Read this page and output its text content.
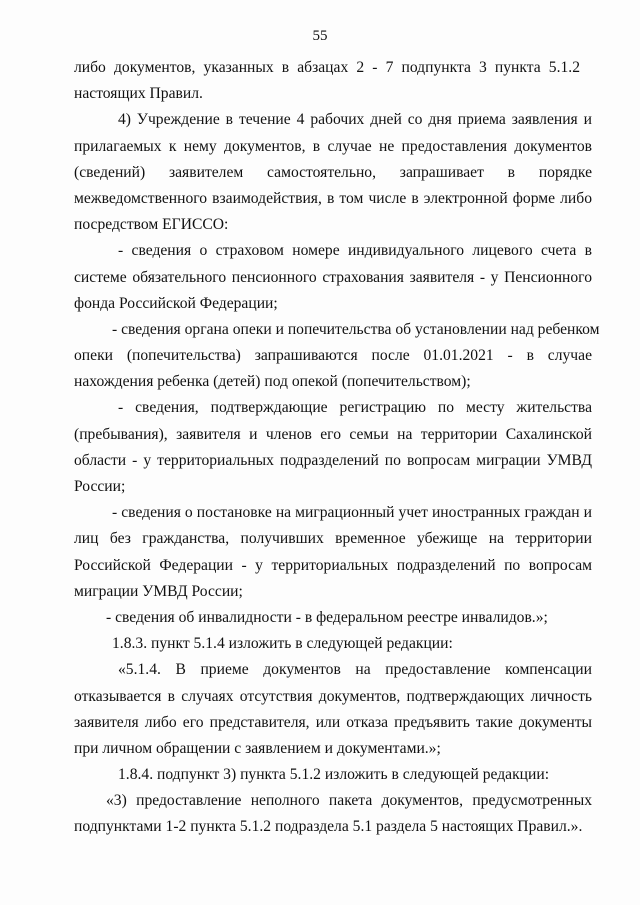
55
либо документов, указанных в абзацах 2 - 7 подпункта 3 пункта 5.1.2
настоящих Правил.
4) Учреждение в течение 4 рабочих дней со дня приема заявления и
прилагаемых к нему документов, в случае не предоставления документов
(сведений) заявителем самостоятельно, запрашивает в порядке
межведомственного взаимодействия, в том числе в электронной форме либо
посредством ЕГИССО:
- сведения о страховом номере индивидуального лицевого счета в
системе обязательного пенсионного страхования заявителя - у Пенсионного
фонда Российской Федерации;
- сведения органа опеки и попечительства об установлении над ребенком
опеки (попечительства) запрашиваются после 01.01.2021 - в случае
нахождения ребенка (детей) под опекой (попечительством);
- сведения, подтверждающие регистрацию по месту жительства
(пребывания), заявителя и членов его семьи на территории Сахалинской
области - у территориальных подразделений по вопросам миграции УМВД
России;
- сведения о постановке на миграционный учет иностранных граждан и
лиц без гражданства, получивших временное убежище на территории
Российской Федерации - у территориальных подразделений по вопросам
миграции УМВД России;
- сведения об инвалидности - в федеральном реестре инвалидов.»;
1.8.3. пункт 5.1.4 изложить в следующей редакции:
«5.1.4. В приеме документов на предоставление компенсации
отказывается в случаях отсутствия документов, подтверждающих личность
заявителя либо его представителя, или отказа предъявить такие документы
при личном обращении с заявлением и документами.»;
1.8.4. подпункт 3) пункта 5.1.2 изложить в следующей редакции:
«3) предоставление неполного пакета документов, предусмотренных
подпунктами 1-2 пункта 5.1.2 подраздела 5.1 раздела 5 настоящих Правил.».
